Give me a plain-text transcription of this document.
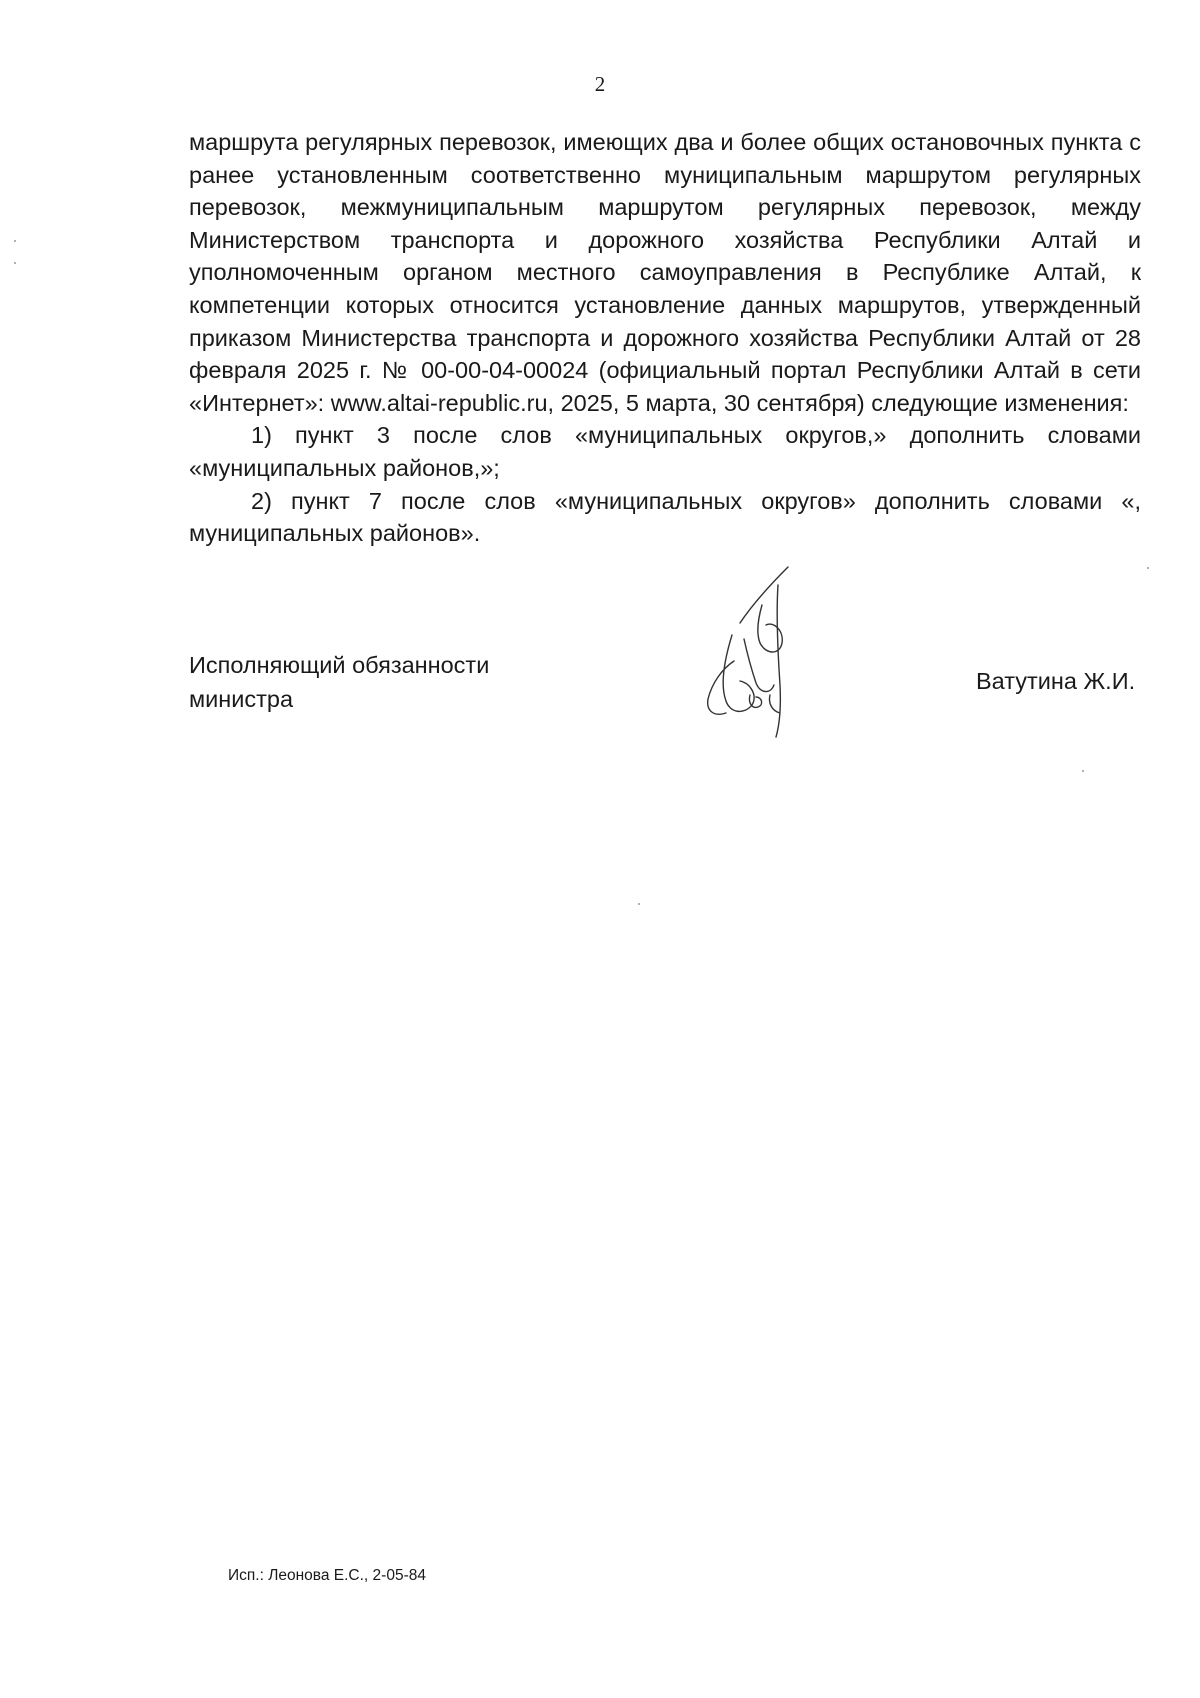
2

маршрута регулярных перевозок, имеющих два и более общих остановочных пункта с ранее установленным соответственно муниципальным маршрутом регулярных перевозок, межмуниципальным маршрутом регулярных перевозок, между Министерством транспорта и дорожного хозяйства Республики Алтай и уполномоченным органом местного самоуправления в Республике Алтай, к компетенции которых относится установление данных маршрутов, утвержденный приказом Министерства транспорта и дорожного хозяйства Республики Алтай от 28 февраля 2025 г. № 00-00-04-00024 (официальный портал Республики Алтай в сети «Интернет»: www.altai-republic.ru, 2025, 5 марта, 30 сентября) следующие изменения:

1) пункт 3 после слов «муниципальных округов,» дополнить словами «муниципальных районов,»;

2) пункт 7 после слов «муниципальных округов» дополнить словами «, муниципальных районов».

Исполняющий обязанности
министра
Ватутина Ж.И.
Исп.: Леонова Е.С., 2-05-84
